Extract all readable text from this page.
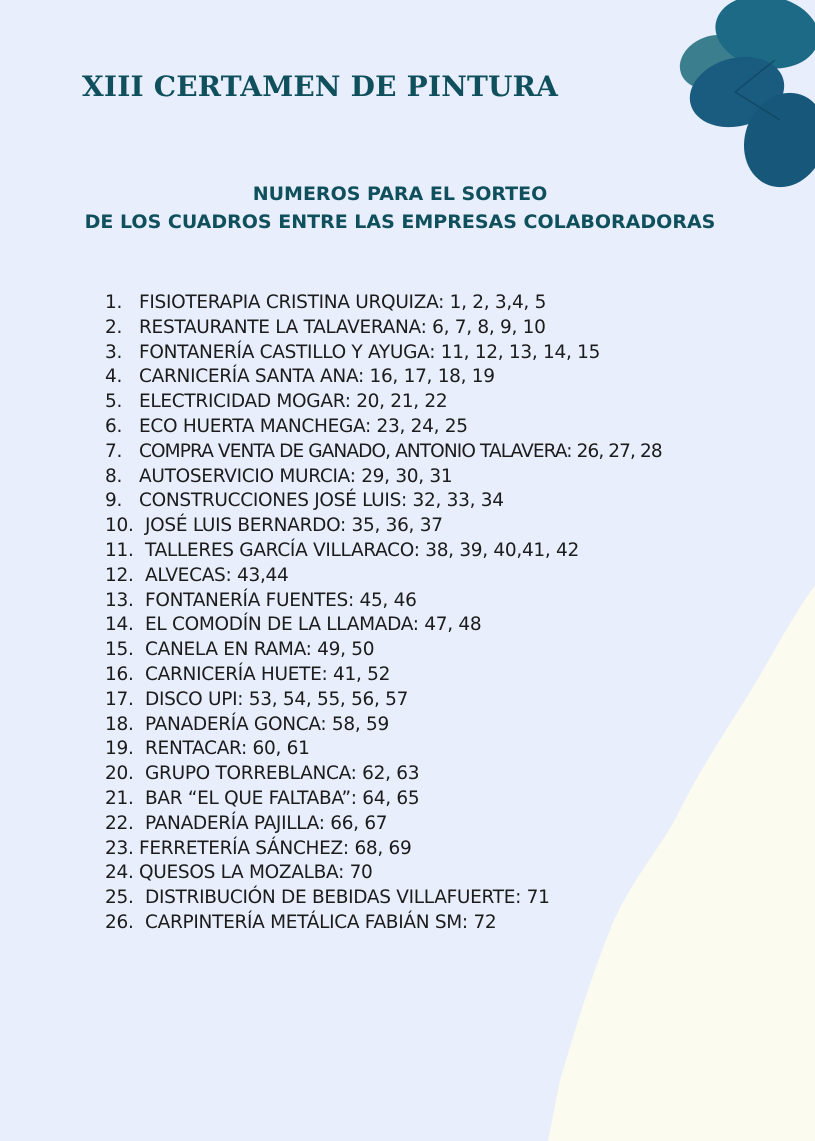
XIII CERTAMEN DE PINTURA
NUMEROS PARA EL SORTEO
DE LOS CUADROS ENTRE LAS EMPRESAS COLABORADORAS
1. FISIOTERAPIA CRISTINA URQUIZA: 1, 2, 3,4, 5
2. RESTAURANTE LA TALAVERANA: 6, 7, 8, 9, 10
3. FONTANERÍA CASTILLO Y AYUGA: 11, 12, 13, 14, 15
4. CARNICERÍA SANTA ANA: 16, 17, 18, 19
5. ELECTRICIDAD MOGAR: 20, 21, 22
6. ECO HUERTA MANCHEGA: 23, 24, 25
7. COMPRA VENTA DE GANADO, ANTONIO TALAVERA: 26, 27, 28
8. AUTOSERVICIO MURCIA: 29, 30, 31
9. CONSTRUCCIONES JOSÉ LUIS: 32, 33, 34
10. JOSÉ LUIS BERNARDO: 35, 36, 37
11. TALLERES GARCÍA VILLARACO: 38, 39, 40,41, 42
12. ALVECAS: 43,44
13. FONTANERÍA FUENTES: 45, 46
14. EL COMODÍN DE LA LLAMADA: 47, 48
15. CANELA EN RAMA: 49, 50
16. CARNICERÍA HUETE: 41, 52
17. DISCO UPI: 53, 54, 55, 56, 57
18. PANADERÍA GONCA: 58, 59
19. RENTACAR: 60, 61
20. GRUPO TORREBLANCA: 62, 63
21. BAR “EL QUE FALTABA”: 64, 65
22. PANADERÍA PAJILLA: 66, 67
23. FERRETERÍA SÁNCHEZ: 68, 69
24. QUESOS LA MOZALBA: 70
25. DISTRIBUCIÓN DE BEBIDAS VILLAFUERTE: 71
26. CARPINTERÍA METÁLICA FABIÁN SM: 72
